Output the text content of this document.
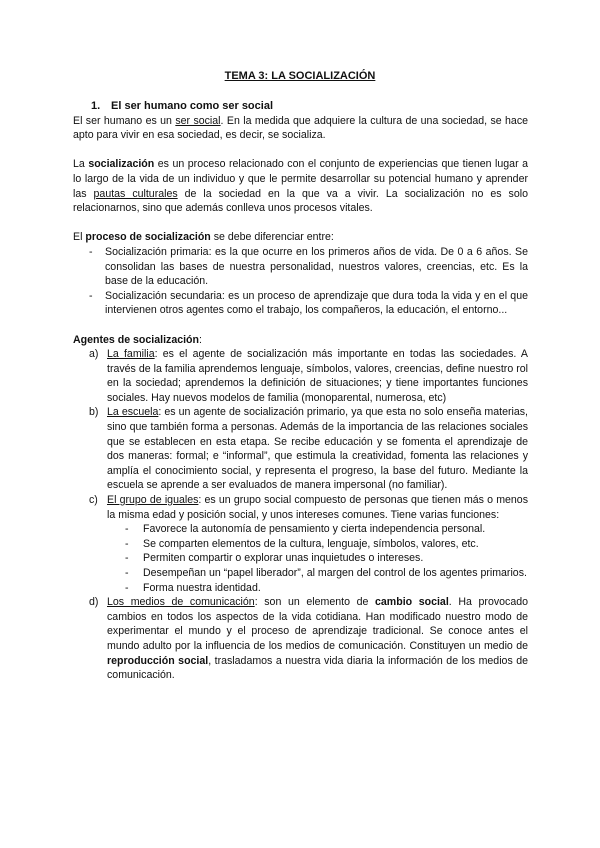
TEMA 3: LA SOCIALIZACIÓN
1. El ser humano como ser social

El ser humano es un ser social. En la medida que adquiere la cultura de una sociedad, se hace apto para vivir en esa sociedad, es decir, se socializa.

La socialización es un proceso relacionado con el conjunto de experiencias que tienen lugar a lo largo de la vida de un individuo y que le permite desarrollar su potencial humano y aprender las pautas culturales de la sociedad en la que va a vivir. La socialización no es solo relacionarnos, sino que además conlleva unos procesos vitales.

El proceso de socialización se debe diferenciar entre:

- Socialización primaria: es la que ocurre en los primeros años de vida. De 0 a 6 años. Se consolidan las bases de nuestra personalidad, nuestros valores, creencias, etc. Es la base de la educación.
- Socialización secundaria: es un proceso de aprendizaje que dura toda la vida y en el que intervienen otros agentes como el trabajo, los compañeros, la educación, el entorno...

Agentes de socialización:

a) La familia: es el agente de socialización más importante en todas las sociedades. A través de la familia aprendemos lenguaje, símbolos, valores, creencias, define nuestro rol en la sociedad; aprendemos la definición de situaciones; y tiene importantes funciones sociales. Hay nuevos modelos de familia (monoparental, numerosa, etc)
b) La escuela: es un agente de socialización primario, ya que esta no solo enseña materias, sino que también forma a personas. Además de la importancia de las relaciones sociales que se establecen en esta etapa. Se recibe educación y se fomenta el aprendizaje de dos maneras: formal; e “informal”, que estimula la creatividad, fomenta las relaciones y amplía el conocimiento social, y representa el progreso, la base del futuro. Mediante la escuela se aprende a ser evaluados de manera impersonal (no familiar).
c) El grupo de iguales: es un grupo social compuesto de personas que tienen más o menos la misma edad y posición social, y unos intereses comunes. Tiene varias funciones:
- Favorece la autonomía de pensamiento y cierta independencia personal.
- Se comparten elementos de la cultura, lenguaje, símbolos, valores, etc.
- Permiten compartir o explorar unas inquietudes o intereses.
- Desempeñan un “papel liberador”, al margen del control de los agentes primarios.
- Forma nuestra identidad.
d) Los medios de comunicación: son un elemento de cambio social. Ha provocado cambios en todos los aspectos de la vida cotidiana. Han modificado nuestro modo de experimentar el mundo y el proceso de aprendizaje tradicional. Se conoce antes el mundo adulto por la influencia de los medios de comunicación. Constituyen un medio de reproducción social, trasladamos a nuestra vida diaria la información de los medios de comunicación.
